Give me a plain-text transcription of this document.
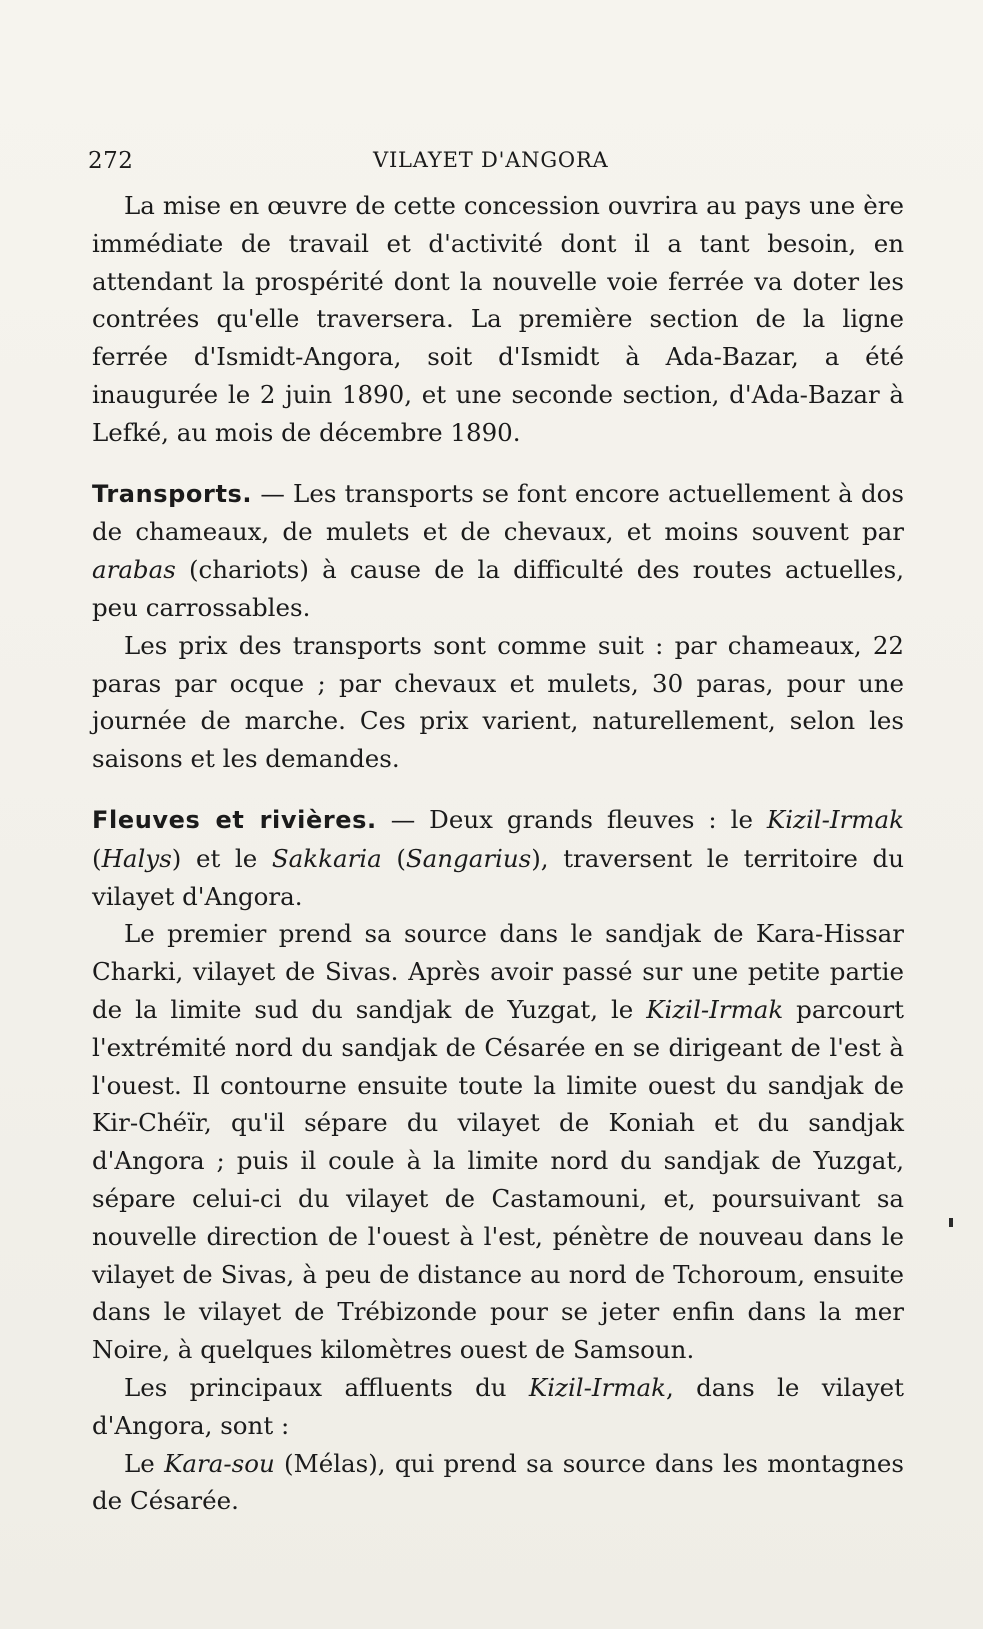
272	VILAYET D'ANGORA

La mise en œuvre de cette concession ouvrira au pays une ère immédiate de travail et d'activité dont il a tant besoin, en attendant la prospérité dont la nouvelle voie ferrée va doter les contrées qu'elle traversera. La première section de la ligne ferrée d'Ismidt-Angora, soit d'Ismidt à Ada-Bazar, a été inaugurée le 2 juin 1890, et une seconde section, d'Ada-Bazar à Lefké, au mois de décembre 1890.

Transports. — Les transports se font encore actuellement à dos de chameaux, de mulets et de chevaux, et moins souvent par arabas (chariots) à cause de la difficulté des routes actuelles, peu carrossables.

Les prix des transports sont comme suit : par chameaux, 22 paras par ocque ; par chevaux et mulets, 30 paras, pour une journée de marche. Ces prix varient, naturellement, selon les saisons et les demandes.

Fleuves et rivières. — Deux grands fleuves : le Kizil-Irmak (Halys) et le Sakkaria (Sangarius), traversent le territoire du vilayet d'Angora.

Le premier prend sa source dans le sandjak de Kara-Hissar Charki, vilayet de Sivas. Après avoir passé sur une petite partie de la limite sud du sandjak de Yuzgat, le Kizil-Irmak parcourt l'extrémité nord du sandjak de Césarée en se dirigeant de l'est à l'ouest. Il contourne ensuite toute la limite ouest du sandjak de Kir-Chéïr, qu'il sépare du vilayet de Koniah et du sandjak d'Angora ; puis il coule à la limite nord du sandjak de Yuzgat, sépare celui-ci du vilayet de Castamouni, et, poursuivant sa nouvelle direction de l'ouest à l'est, pénètre de nouveau dans le vilayet de Sivas, à peu de distance au nord de Tchoroum, ensuite dans le vilayet de Trébizonde pour se jeter enfin dans la mer Noire, à quelques kilomètres ouest de Samsoun.

Les principaux affluents du Kizil-Irmak, dans le vilayet d'Angora, sont :

Le Kara-sou (Mélas), qui prend sa source dans les montagnes de Césarée.
